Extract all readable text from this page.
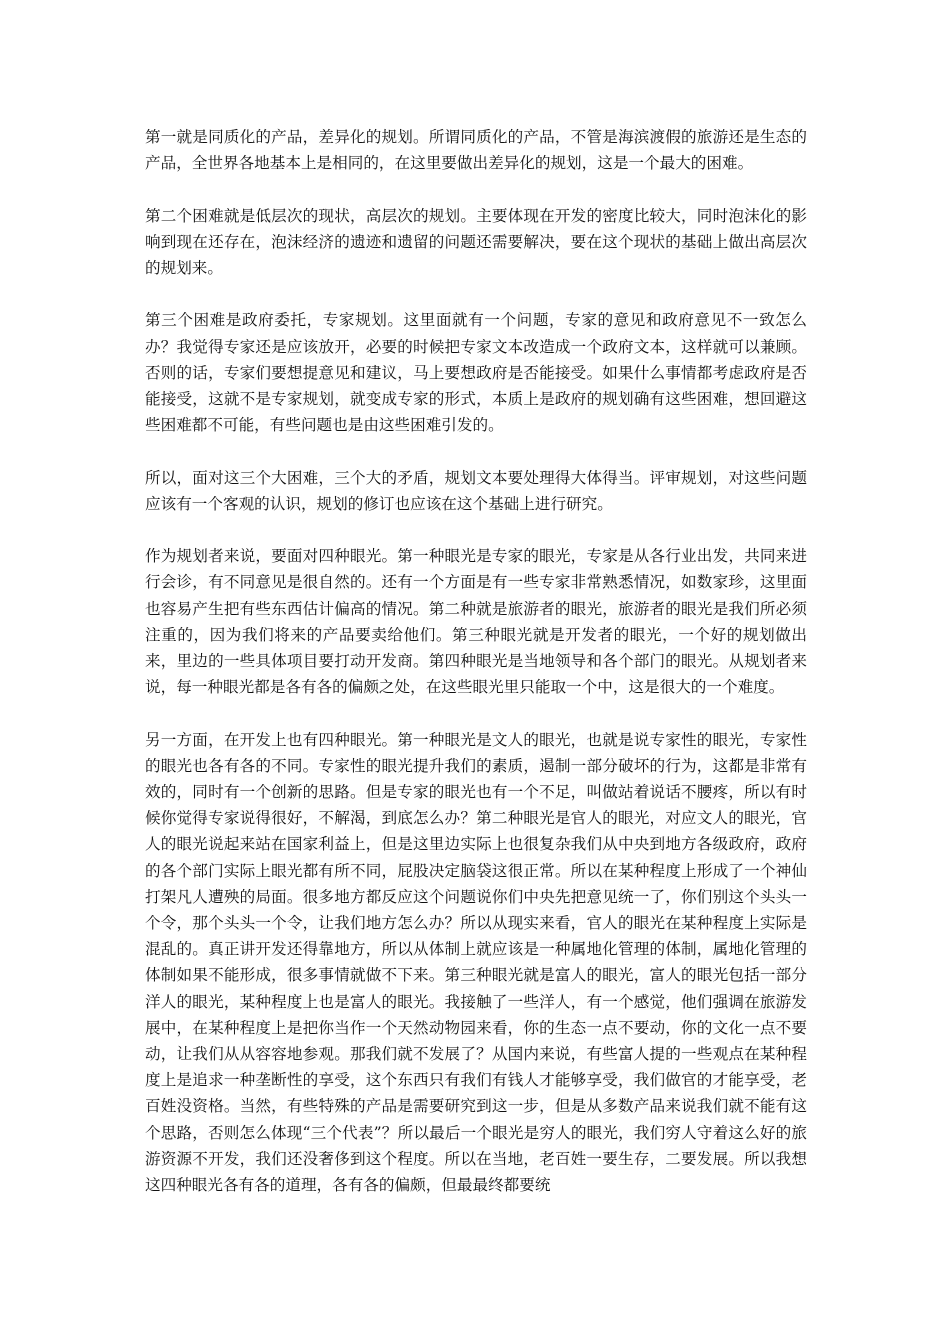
第一就是同质化的产品，差异化的规划。所谓同质化的产品，不管是海滨渡假的旅游还是生态的产品，全世界各地基本上是相同的，在这里要做出差异化的规划，这是一个最大的困难。

第二个困难就是低层次的现状，高层次的规划。主要体现在开发的密度比较大，同时泡沫化的影响到现在还存在，泡沫经济的遗迹和遗留的问题还需要解决，要在这个现状的基础上做出高层次的规划来。

第三个困难是政府委托，专家规划。这里面就有一个问题，专家的意见和政府意见不一致怎么办？我觉得专家还是应该放开，必要的时候把专家文本改造成一个政府文本，这样就可以兼顾。否则的话，专家们要想提意见和建议，马上要想政府是否能接受。如果什么事情都考虑政府是否能接受，这就不是专家规划，就变成专家的形式，本质上是政府的规划确有这些困难，想回避这些困难都不可能，有些问题也是由这些困难引发的。

所以，面对这三个大困难，三个大的矛盾，规划文本要处理得大体得当。评审规划，对这些问题应该有一个客观的认识，规划的修订也应该在这个基础上进行研究。

作为规划者来说，要面对四种眼光。第一种眼光是专家的眼光，专家是从各行业出发，共同来进行会诊，有不同意见是很自然的。还有一个方面是有一些专家非常熟悉情况，如数家珍，这里面也容易产生把有些东西估计偏高的情况。第二种就是旅游者的眼光，旅游者的眼光是我们所必须注重的，因为我们将来的产品要卖给他们。第三种眼光就是开发者的眼光，一个好的规划做出来，里边的一些具体项目要打动开发商。第四种眼光是当地领导和各个部门的眼光。从规划者来说，每一种眼光都是各有各的偏颇之处，在这些眼光里只能取一个中，这是很大的一个难度。

另一方面，在开发上也有四种眼光。第一种眼光是文人的眼光，也就是说专家性的眼光，专家性的眼光也各有各的不同。专家性的眼光提升我们的素质，遏制一部分破坏的行为，这都是非常有效的，同时有一个创新的思路。但是专家的眼光也有一个不足，叫做站着说话不腰疼，所以有时候你觉得专家说得很好，不解渴，到底怎么办？第二种眼光是官人的眼光，对应文人的眼光，官人的眼光说起来站在国家利益上，但是这里边实际上也很复杂我们从中央到地方各级政府，政府的各个部门实际上眼光都有所不同，屁股决定脑袋这很正常。所以在某种程度上形成了一个神仙打架凡人遭殃的局面。很多地方都反应这个问题说你们中央先把意见统一了，你们别这个头头一个令，那个头头一个令，让我们地方怎么办？所以从现实来看，官人的眼光在某种程度上实际是混乱的。真正讲开发还得靠地方，所以从体制上就应该是一种属地化管理的体制，属地化管理的体制如果不能形成，很多事情就做不下来。第三种眼光就是富人的眼光，富人的眼光包括一部分洋人的眼光，某种程度上也是富人的眼光。我接触了一些洋人，有一个感觉，他们强调在旅游发展中，在某种程度上是把你当作一个天然动物园来看，你的生态一点不要动，你的文化一点不要动，让我们从从容容地参观。那我们就不发展了？从国内来说，有些富人提的一些观点在某种程度上是追求一种垄断性的享受，这个东西只有我们有钱人才能够享受，我们做官的才能享受，老百姓没资格。当然，有些特殊的产品是需要研究到这一步，但是从多数产品来说我们就不能有这个思路，否则怎么体现“三个代表”？所以最后一个眼光是穷人的眼光，我们穷人守着这么好的旅游资源不开发，我们还没奢侈到这个程度。所以在当地，老百姓一要生存，二要发展。所以我想这四种眼光各有各的道理，各有各的偏颇，但最最终都要统
